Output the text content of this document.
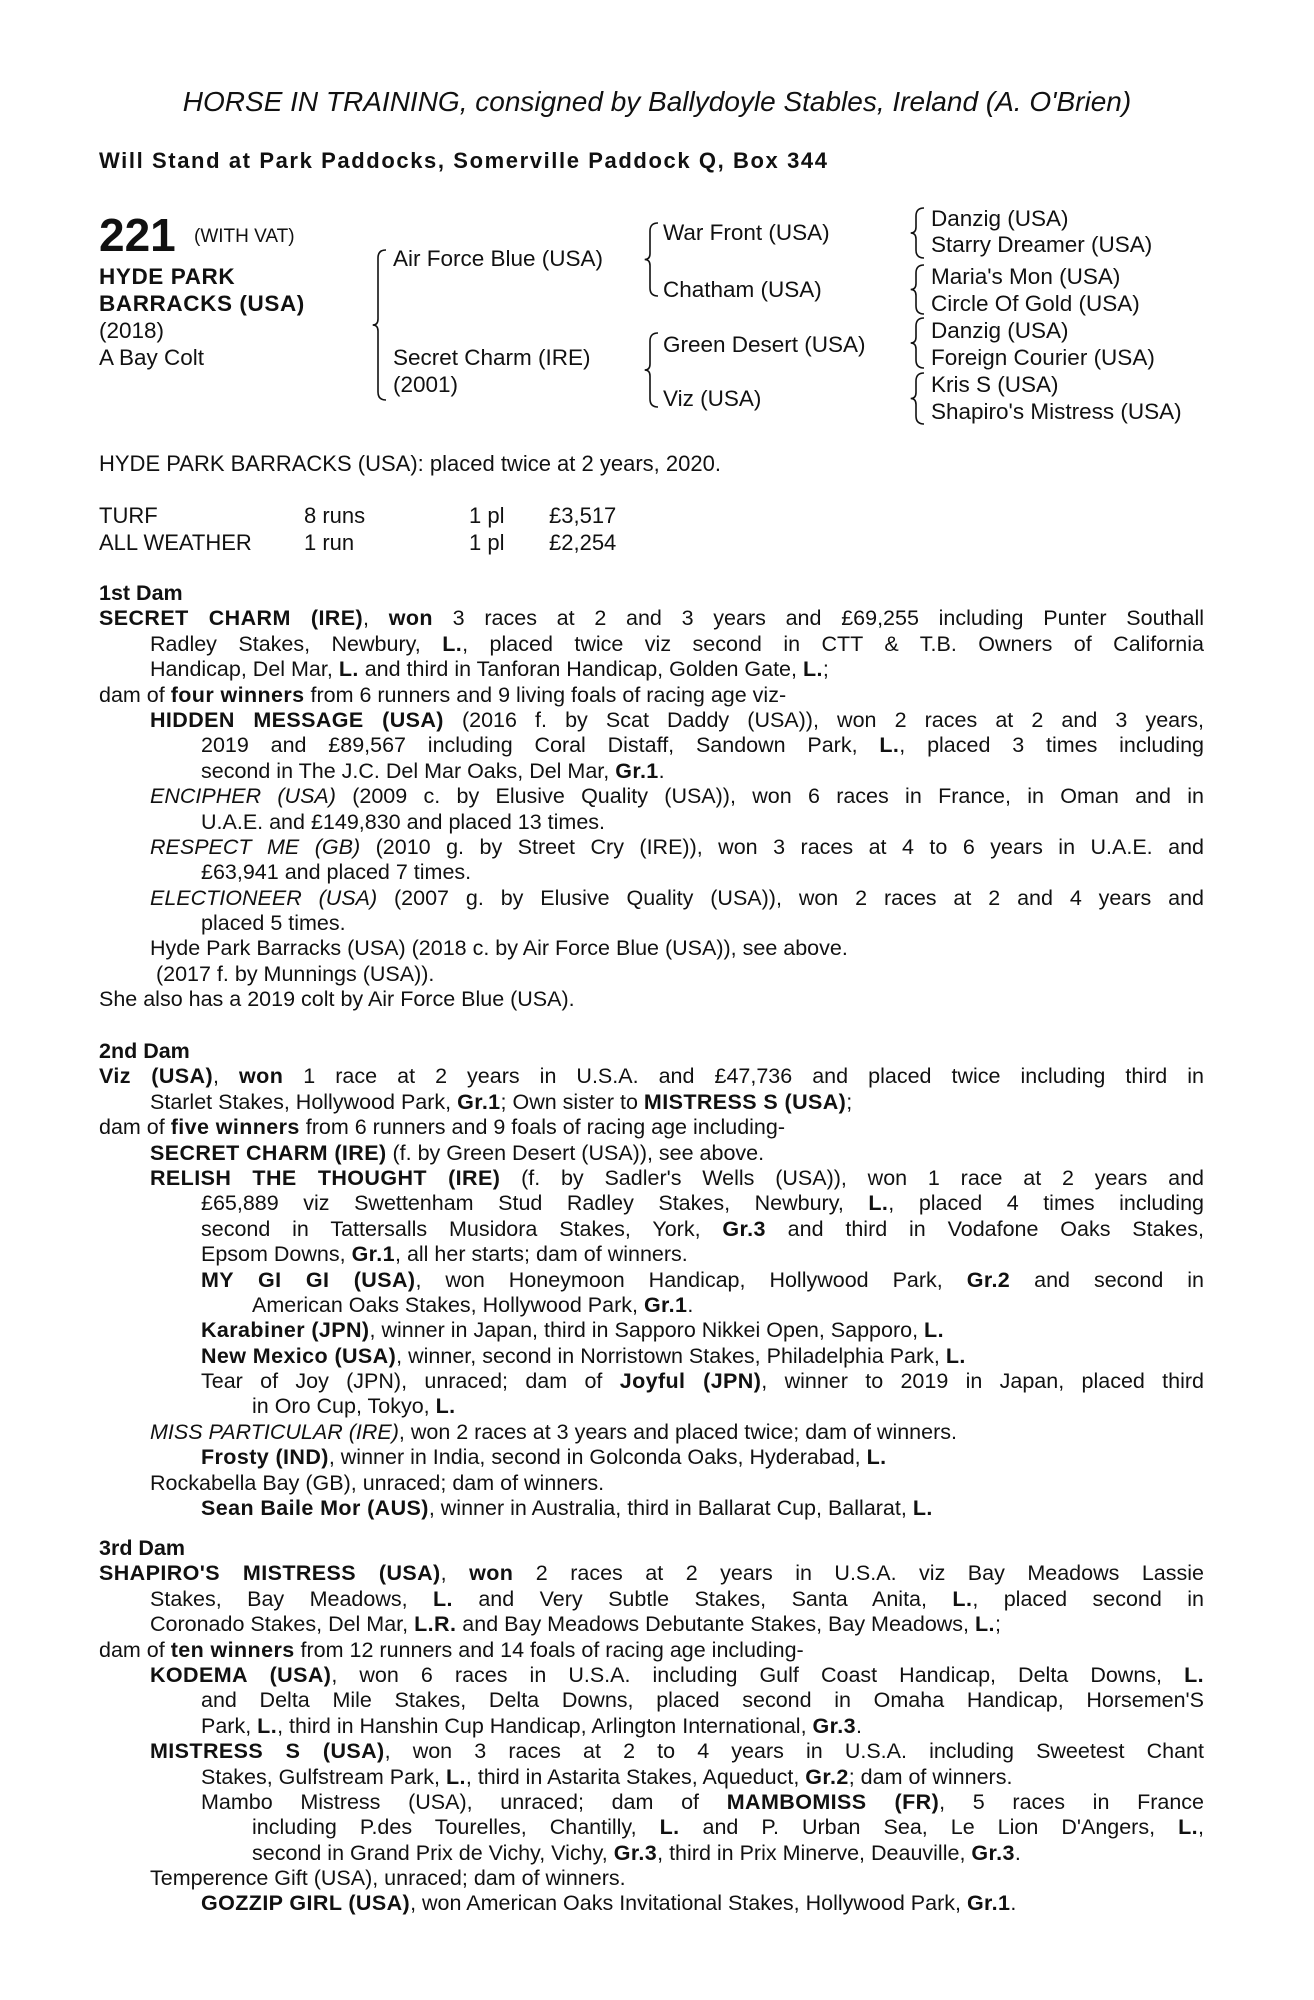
HORSE IN TRAINING, consigned by Ballydoyle Stables, Ireland (A. O'Brien)
Will Stand at Park Paddocks, Somerville Paddock Q, Box 344
221 (WITH VAT)
HYDE PARK
BARRACKS (USA)
(2018)
A Bay Colt
Air Force Blue (USA)
Secret Charm (IRE)
(2001)
War Front (USA)
Chatham (USA)
Green Desert (USA)
Viz (USA)
Danzig (USA)
Starry Dreamer (USA)
Maria's Mon (USA)
Circle Of Gold (USA)
Danzig (USA)
Foreign Courier (USA)
Kris S (USA)
Shapiro's Mistress (USA)
HYDE PARK BARRACKS (USA): placed twice at 2 years, 2020.
TURF	8 runs	1 pl £3,517
ALL WEATHER 1 run	1 pl £2,254
1st Dam
SECRET CHARM (IRE), won 3 races at 2 and 3 years and £69,255 including Punter Southall
Radley Stakes, Newbury, L., placed twice viz second in CTT & T.B. Owners of California
Handicap, Del Mar, L. and third in Tanforan Handicap, Golden Gate, L.;
dam of four winners from 6 runners and 9 living foals of racing age viz-
HIDDEN MESSAGE (USA) (2016 f. by Scat Daddy (USA)), won 2 races at 2 and 3 years,
2019 and £89,567 including Coral Distaff, Sandown Park, L., placed 3 times including
second in The J.C. Del Mar Oaks, Del Mar, Gr.1.
ENCIPHER (USA) (2009 c. by Elusive Quality (USA)), won 6 races in France, in Oman and in
U.A.E. and £149,830 and placed 13 times.
RESPECT ME (GB) (2010 g. by Street Cry (IRE)), won 3 races at 4 to 6 years in U.A.E. and
£63,941 and placed 7 times.
ELECTIONEER (USA) (2007 g. by Elusive Quality (USA)), won 2 races at 2 and 4 years and
placed 5 times.
Hyde Park Barracks (USA) (2018 c. by Air Force Blue (USA)), see above.
(2017 f. by Munnings (USA)).
She also has a 2019 colt by Air Force Blue (USA).
2nd Dam
Viz (USA), won 1 race at 2 years in U.S.A. and £47,736 and placed twice including third in
Starlet Stakes, Hollywood Park, Gr.1; Own sister to MISTRESS S (USA);
dam of five winners from 6 runners and 9 foals of racing age including-
SECRET CHARM (IRE) (f. by Green Desert (USA)), see above.
RELISH THE THOUGHT (IRE) (f. by Sadler's Wells (USA)), won 1 race at 2 years and
£65,889 viz Swettenham Stud Radley Stakes, Newbury, L., placed 4 times including
second in Tattersalls Musidora Stakes, York, Gr.3 and third in Vodafone Oaks Stakes,
Epsom Downs, Gr.1, all her starts; dam of winners.
MY GI GI (USA), won Honeymoon Handicap, Hollywood Park, Gr.2 and second in
American Oaks Stakes, Hollywood Park, Gr.1.
Karabiner (JPN), winner in Japan, third in Sapporo Nikkei Open, Sapporo, L.
New Mexico (USA), winner, second in Norristown Stakes, Philadelphia Park, L.
Tear of Joy (JPN), unraced; dam of Joyful (JPN), winner to 2019 in Japan, placed third
in Oro Cup, Tokyo, L.
MISS PARTICULAR (IRE), won 2 races at 3 years and placed twice; dam of winners.
Frosty (IND), winner in India, second in Golconda Oaks, Hyderabad, L.
Rockabella Bay (GB), unraced; dam of winners.
Sean Baile Mor (AUS), winner in Australia, third in Ballarat Cup, Ballarat, L.
3rd Dam
SHAPIRO'S MISTRESS (USA), won 2 races at 2 years in U.S.A. viz Bay Meadows Lassie
Stakes, Bay Meadows, L. and Very Subtle Stakes, Santa Anita, L., placed second in
Coronado Stakes, Del Mar, L.R. and Bay Meadows Debutante Stakes, Bay Meadows, L.;
dam of ten winners from 12 runners and 14 foals of racing age including-
KODEMA (USA), won 6 races in U.S.A. including Gulf Coast Handicap, Delta Downs, L.
and Delta Mile Stakes, Delta Downs, placed second in Omaha Handicap, Horsemen'S
Park, L., third in Hanshin Cup Handicap, Arlington International, Gr.3.
MISTRESS S (USA), won 3 races at 2 to 4 years in U.S.A. including Sweetest Chant
Stakes, Gulfstream Park, L., third in Astarita Stakes, Aqueduct, Gr.2; dam of winners.
Mambo Mistress (USA), unraced; dam of MAMBOMISS (FR), 5 races in France
including P.des Tourelles, Chantilly, L. and P. Urban Sea, Le Lion D'Angers, L.,
second in Grand Prix de Vichy, Vichy, Gr.3, third in Prix Minerve, Deauville, Gr.3.
Temperence Gift (USA), unraced; dam of winners.
GOZZIP GIRL (USA), won American Oaks Invitational Stakes, Hollywood Park, Gr.1.
